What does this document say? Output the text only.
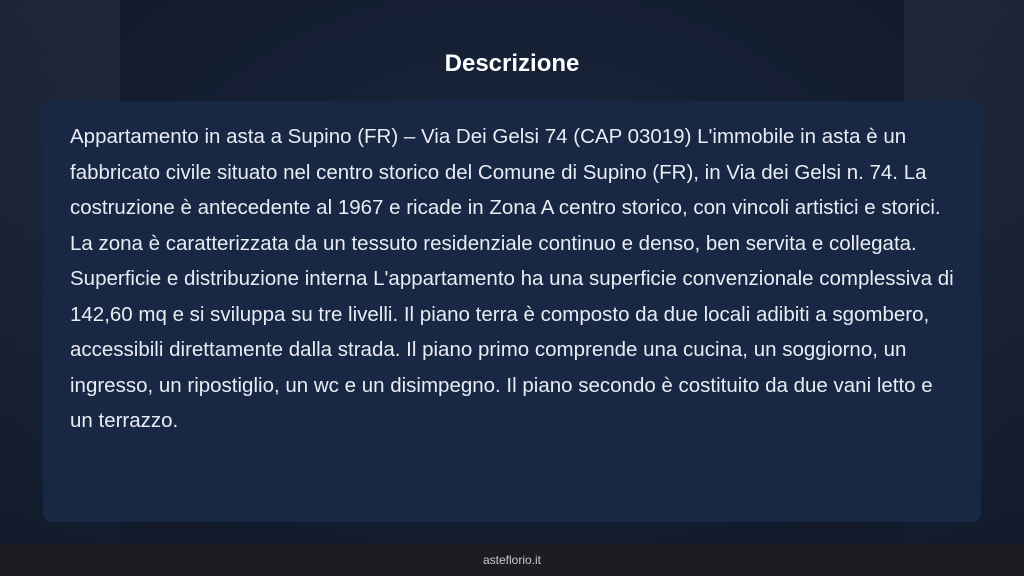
Descrizione

Appartamento in asta a Supino (FR) – Via Dei Gelsi 74 (CAP 03019) L'immobile in asta è un fabbricato civile situato nel centro storico del Comune di Supino (FR), in Via dei Gelsi n. 74. La costruzione è antecedente al 1967 e ricade in Zona A centro storico, con vincoli artistici e storici. La zona è caratterizzata da un tessuto residenziale continuo e denso, ben servita e collegata. Superficie e distribuzione interna L'appartamento ha una superficie convenzionale complessiva di 142,60 mq e si sviluppa su tre livelli. Il piano terra è composto da due locali adibiti a sgombero, accessibili direttamente dalla strada. Il piano primo comprende una cucina, un soggiorno, un ingresso, un ripostiglio, un wc e un disimpegno. Il piano secondo è costituito da due vani letto e un terrazzo.

asteflorio.it
